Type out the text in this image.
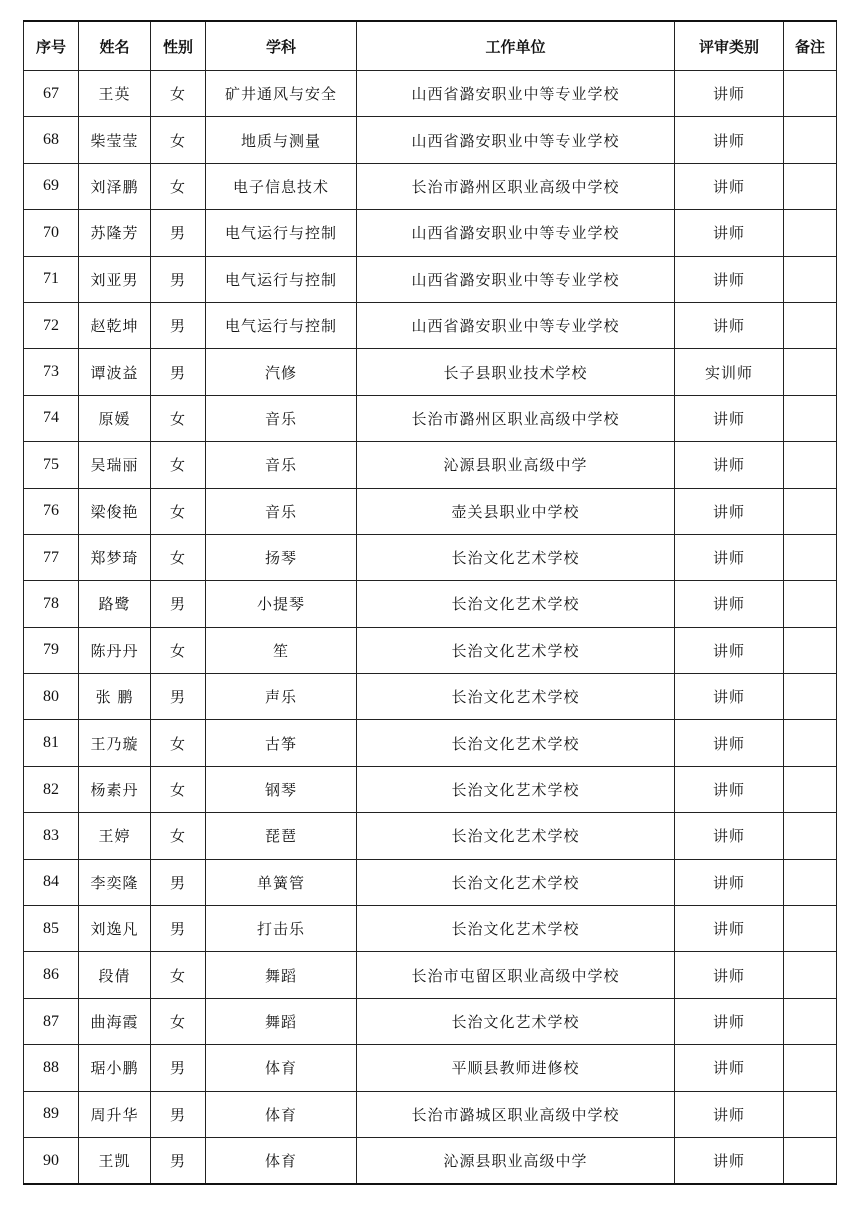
序号	姓名	性别	学科	工作单位	评审类别	备注
67	王英	女	矿井通风与安全	山西省潞安职业中等专业学校	讲师	
68	柴莹莹	女	地质与测量	山西省潞安职业中等专业学校	讲师	
69	刘泽鹏	女	电子信息技术	长治市潞州区职业高级中学校	讲师	
70	苏隆芳	男	电气运行与控制	山西省潞安职业中等专业学校	讲师	
71	刘亚男	男	电气运行与控制	山西省潞安职业中等专业学校	讲师	
72	赵乾坤	男	电气运行与控制	山西省潞安职业中等专业学校	讲师	
73	谭波益	男	汽修	长子县职业技术学校	实训师	
74	原媛	女	音乐	长治市潞州区职业高级中学校	讲师	
75	吴瑞丽	女	音乐	沁源县职业高级中学	讲师	
76	梁俊艳	女	音乐	壶关县职业中学校	讲师	
77	郑梦琦	女	扬琴	长治文化艺术学校	讲师	
78	路鹭	男	小提琴	长治文化艺术学校	讲师	
79	陈丹丹	女	笙	长治文化艺术学校	讲师	
80	张 鹏	男	声乐	长治文化艺术学校	讲师	
81	王乃璇	女	古筝	长治文化艺术学校	讲师	
82	杨素丹	女	钢琴	长治文化艺术学校	讲师	
83	王婷	女	琵琶	长治文化艺术学校	讲师	
84	李奕隆	男	单簧管	长治文化艺术学校	讲师	
85	刘逸凡	男	打击乐	长治文化艺术学校	讲师	
86	段倩	女	舞蹈	长治市屯留区职业高级中学校	讲师	
87	曲海霞	女	舞蹈	长治文化艺术学校	讲师	
88	琚小鹏	男	体育	平顺县教师进修校	讲师	
89	周升华	男	体育	长治市潞城区职业高级中学校	讲师	
90	王凯	男	体育	沁源县职业高级中学	讲师	
